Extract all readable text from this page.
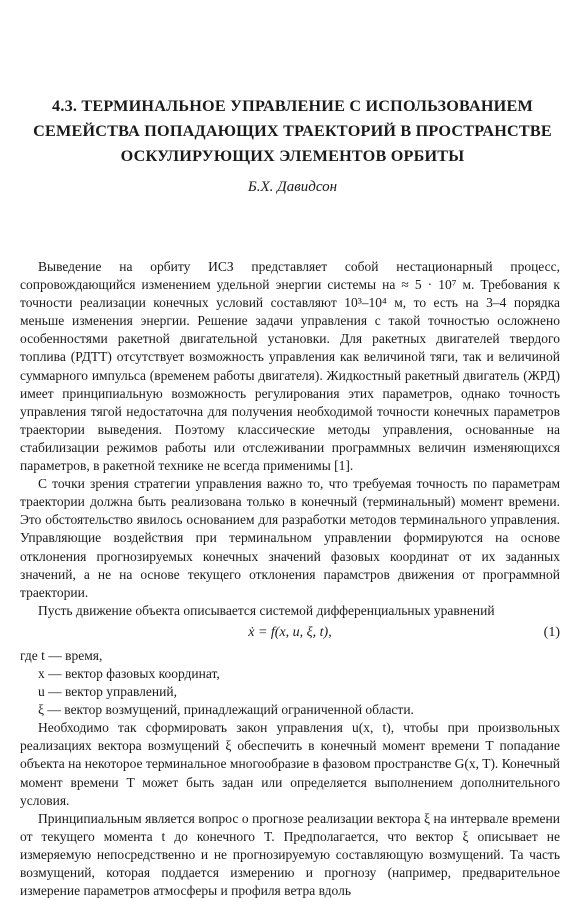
4.3. ТЕРМИНАЛЬНОЕ УПРАВЛЕНИЕ С ИСПОЛЬЗОВАНИЕМ
СЕМЕЙСТВА ПОПАДАЮЩИХ ТРАЕКТОРИЙ В ПРОСТРАНСТВЕ
ОСКУЛИРУЮЩИХ ЭЛЕМЕНТОВ ОРБИТЫ
Б.Х. Давидсон

Выведение на орбиту ИСЗ представляет собой нестационарный процесс, сопровождающийся изменением удельной энергии системы на ≈ 5 · 10⁷ м. Требования к точности реализации конечных условий составляют 10³–10⁴ м, то есть на 3–4 порядка меньше изменения энергии. Решение задачи управления с такой точностью осложнено особенностями ракетной двигательной установки. Для ракетных двигателей твердого топлива (РДТТ) отсутствует возможность управления как величиной тяги, так и величиной суммарного импульса (временем работы двигателя). Жидкостный ракетный двигатель (ЖРД) имеет принципиальную возможность регулирования этих параметров, однако точность управления тягой недостаточна для получения необходимой точности конечных параметров траектории выведения. Поэтому классические методы управления, основанные на стабилизации режимов работы или отслеживании программных величин изменяющихся параметров, в ракетной технике не всегда применимы [1].

С точки зрения стратегии управления важно то, что требуемая точность по параметрам траектории должна быть реализована только в конечный (терминальный) момент времени. Это обстоятельство явилось основанием для разработки методов терминального управления. Управляющие воздействия при терминальном управлении формируются на основе отклонения прогнозируемых конечных значений фазовых координат от их заданных значений, а не на основе текущего отклонения парамстров движения от программной траектории.

Пусть движение объекта описывается системой дифференциальных уравнений

ẋ = f(x, u, ξ, t),	(1)

где t — время,

x — вектор фазовых координат,

u — вектор управлений,

ξ — вектор возмущений, принадлежащий ограниченной области.

Необходимо так сформировать закон управления u(x, t), чтобы при произвольных реализациях вектора возмущений ξ обеспечить в конечный момент времени T попадание объекта на некоторое терминальное многообразие в фазовом пространстве G(x, T). Конечный момент времени T может быть задан или определяется выполнением дополнительного условия.

Принципиальным является вопрос о прогнозе реализации вектора ξ на интервале времени от текущего момента t до конечного T. Предполагается, что вектор ξ описывает не измеряемую непосредственно и не прогнозируемую составляющую возмущений. Та часть возмущений, которая поддается измерению и прогнозу (например, предварительное измерение параметров атмосферы и профиля ветра вдоль
